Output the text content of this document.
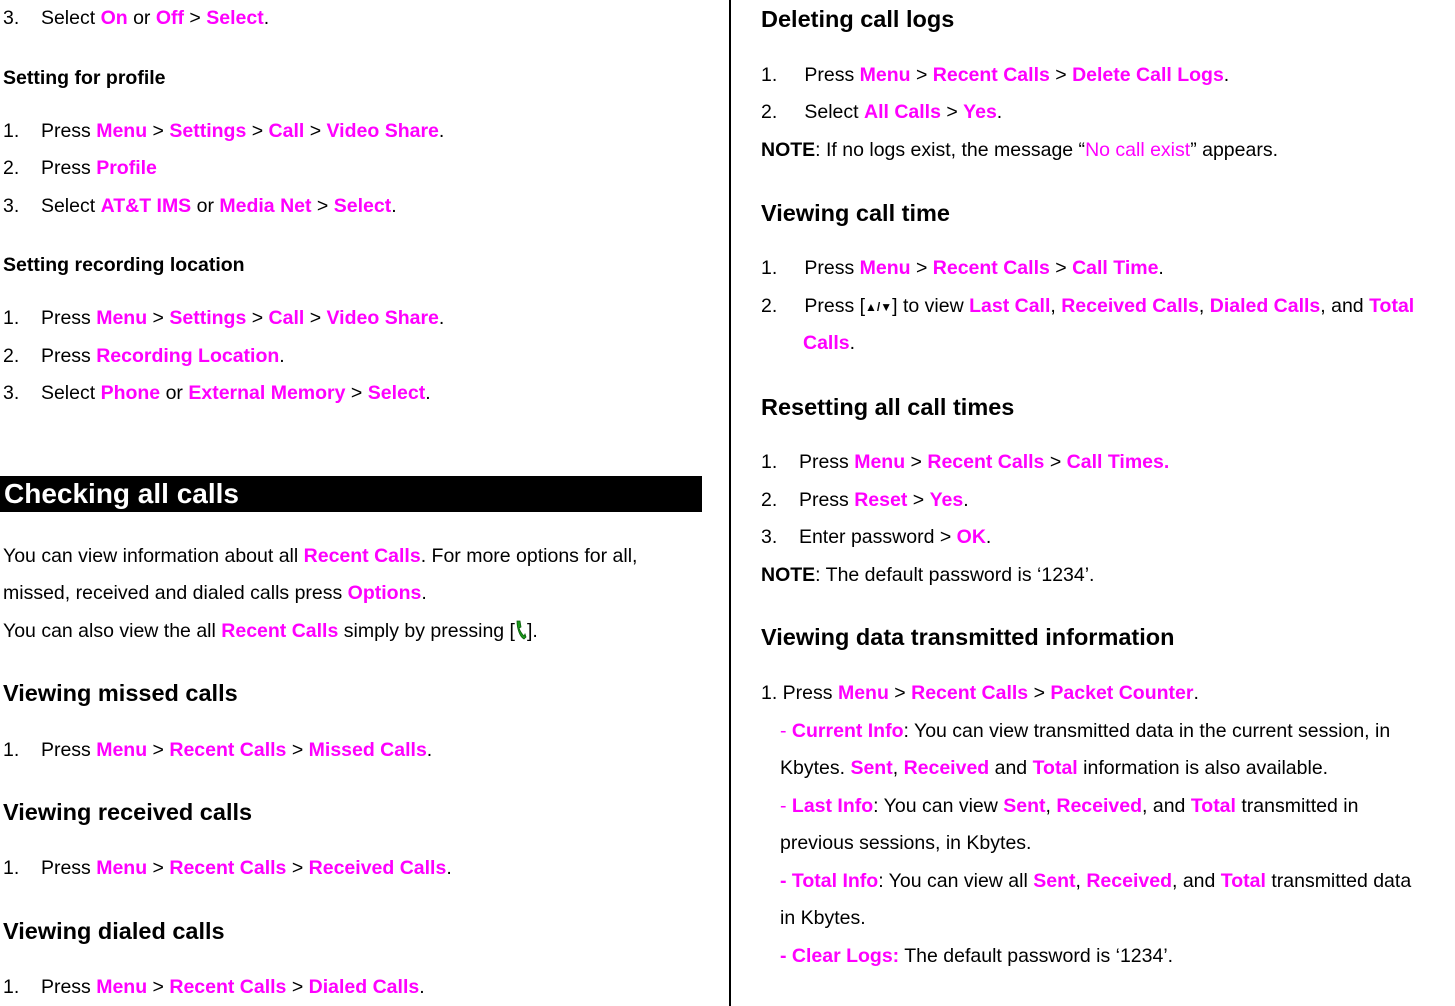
3. Select On or Off > Select.
Setting for profile
1. Press Menu > Settings > Call > Video Share.
2. Press Profile
3. Select AT&T IMS or Media Net > Select.
Setting recording location
1. Press Menu > Settings > Call > Video Share.
2. Press Recording Location.
3. Select Phone or External Memory > Select.
Checking all calls
You can view information about all Recent Calls. For more options for all,
missed, received and dialed calls press Options.
You can also view the all Recent Calls simply by pressing [ ].
Viewing missed calls
1. Press Menu > Recent Calls > Missed Calls.
Viewing received calls
1. Press Menu > Recent Calls > Received Calls.
Viewing dialed calls
1. Press Menu > Recent Calls > Dialed Calls.
Deleting call logs
1. Press Menu > Recent Calls > Delete Call Logs.
2. Select All Calls > Yes.
NOTE: If no logs exist, the message “No call exist” appears.
Viewing call time
1. Press Menu > Recent Calls > Call Time.
2. Press [▲/▼] to view Last Call, Received Calls, Dialed Calls, and Total
Calls.
Resetting all call times
1. Press Menu > Recent Calls > Call Times.
2. Press Reset > Yes.
3. Enter password > OK.
NOTE: The default password is ‘1234’.
Viewing data transmitted information
1. Press Menu > Recent Calls > Packet Counter.
- Current Info: You can view transmitted data in the current session, in
Kbytes. Sent, Received and Total information is also available.
- Last Info: You can view Sent, Received, and Total transmitted in
previous sessions, in Kbytes.
- Total Info: You can view all Sent, Received, and Total transmitted data
in Kbytes.
- Clear Logs: The default password is ‘1234’.
